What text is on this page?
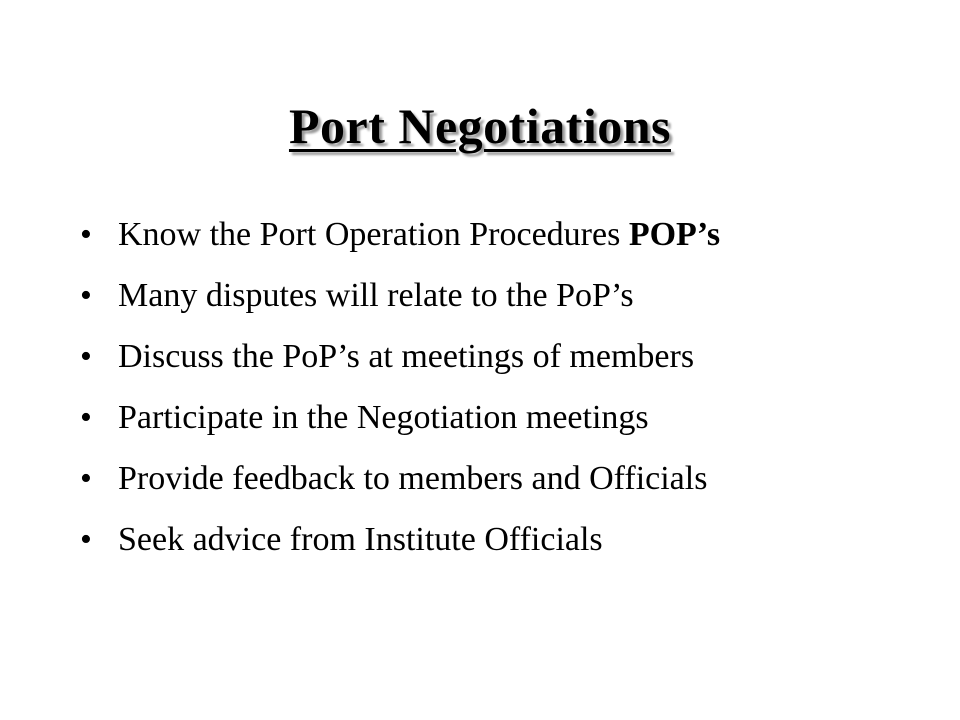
Port Negotiations
• Know the Port Operation Procedures POP’s
• Many disputes will relate to the PoP’s
• Discuss the PoP’s at meetings of members
• Participate in the Negotiation meetings
• Provide feedback to members and Officials
• Seek advice from Institute Officials
